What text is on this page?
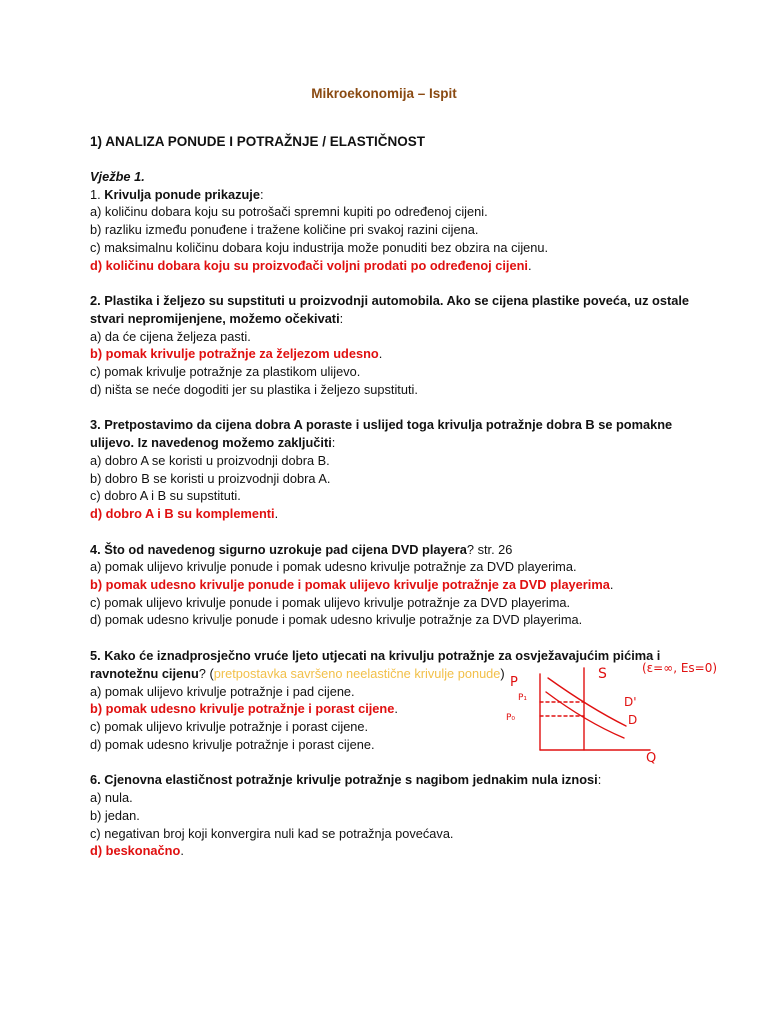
Mikroekonomija – Ispit
1) ANALIZA PONUDE I POTRAŽNJE / ELASTIČNOST
Vježbe 1.
1. Krivulja ponude prikazuje:
a) količinu dobara koju su potrošači spremni kupiti po određenoj cijeni.
b) razliku između ponuđene i tražene količine pri svakoj razini cijena.
c) maksimalnu količinu dobara koju industrija može ponuditi bez obzira na cijenu.
d) količinu dobara koju su proizvođači voljni prodati po određenoj cijeni.
2. Plastika i željezo su supstituti u proizvodnji automobila. Ako se cijena plastike poveća, uz ostale
stvari nepromijenjene, možemo očekivati:
a) da će cijena željeza pasti.
b) pomak krivulje potražnje za željezom udesno.
c) pomak krivulje potražnje za plastikom ulijevo.
d) ništa se neće dogoditi jer su plastika i željezo supstituti.
3. Pretpostavimo da cijena dobra A poraste i uslijed toga krivulja potražnje dobra B se pomakne
ulijevo. Iz navedenog možemo zaključiti:
a) dobro A se koristi u proizvodnji dobra B.
b) dobro B se koristi u proizvodnji dobra A.
c) dobro A i B su supstituti.
d) dobro A i B su komplementi.
4. Što od navedenog sigurno uzrokuje pad cijena DVD playera? str. 26
a) pomak ulijevo krivulje ponude i pomak udesno krivulje potražnje za DVD playerima.
b) pomak udesno krivulje ponude i pomak ulijevo krivulje potražnje za DVD playerima.
c) pomak ulijevo krivulje ponude i pomak ulijevo krivulje potražnje za DVD playerima.
d) pomak udesno krivulje ponude i pomak udesno krivulje potražnje za DVD playerima.
5. Kako će iznadprosječno vruće ljeto utjecati na krivulju potražnje za osvježavajućim pićima i
ravnotežnu cijenu? (pretpostavka savršeno neelastične krivulje ponude)
a) pomak ulijevo krivulje potražnje i pad cijene.
b) pomak udesno krivulje potražnje i porast cijene.
c) pomak ulijevo krivulje potražnje i porast cijene.
d) pomak udesno krivulje potražnje i porast cijene.
6. Cjenovna elastičnost potražnje krivulje potražnje s nagibom jednakim nula iznosi:
a) nula.
b) jedan.
c) negativan broj koji konvergira nuli kad se potražnja povećava.
d) beskonačno.
P
P₁
P₀
S
D'
D
Q
(ε=∞, Es=0)
